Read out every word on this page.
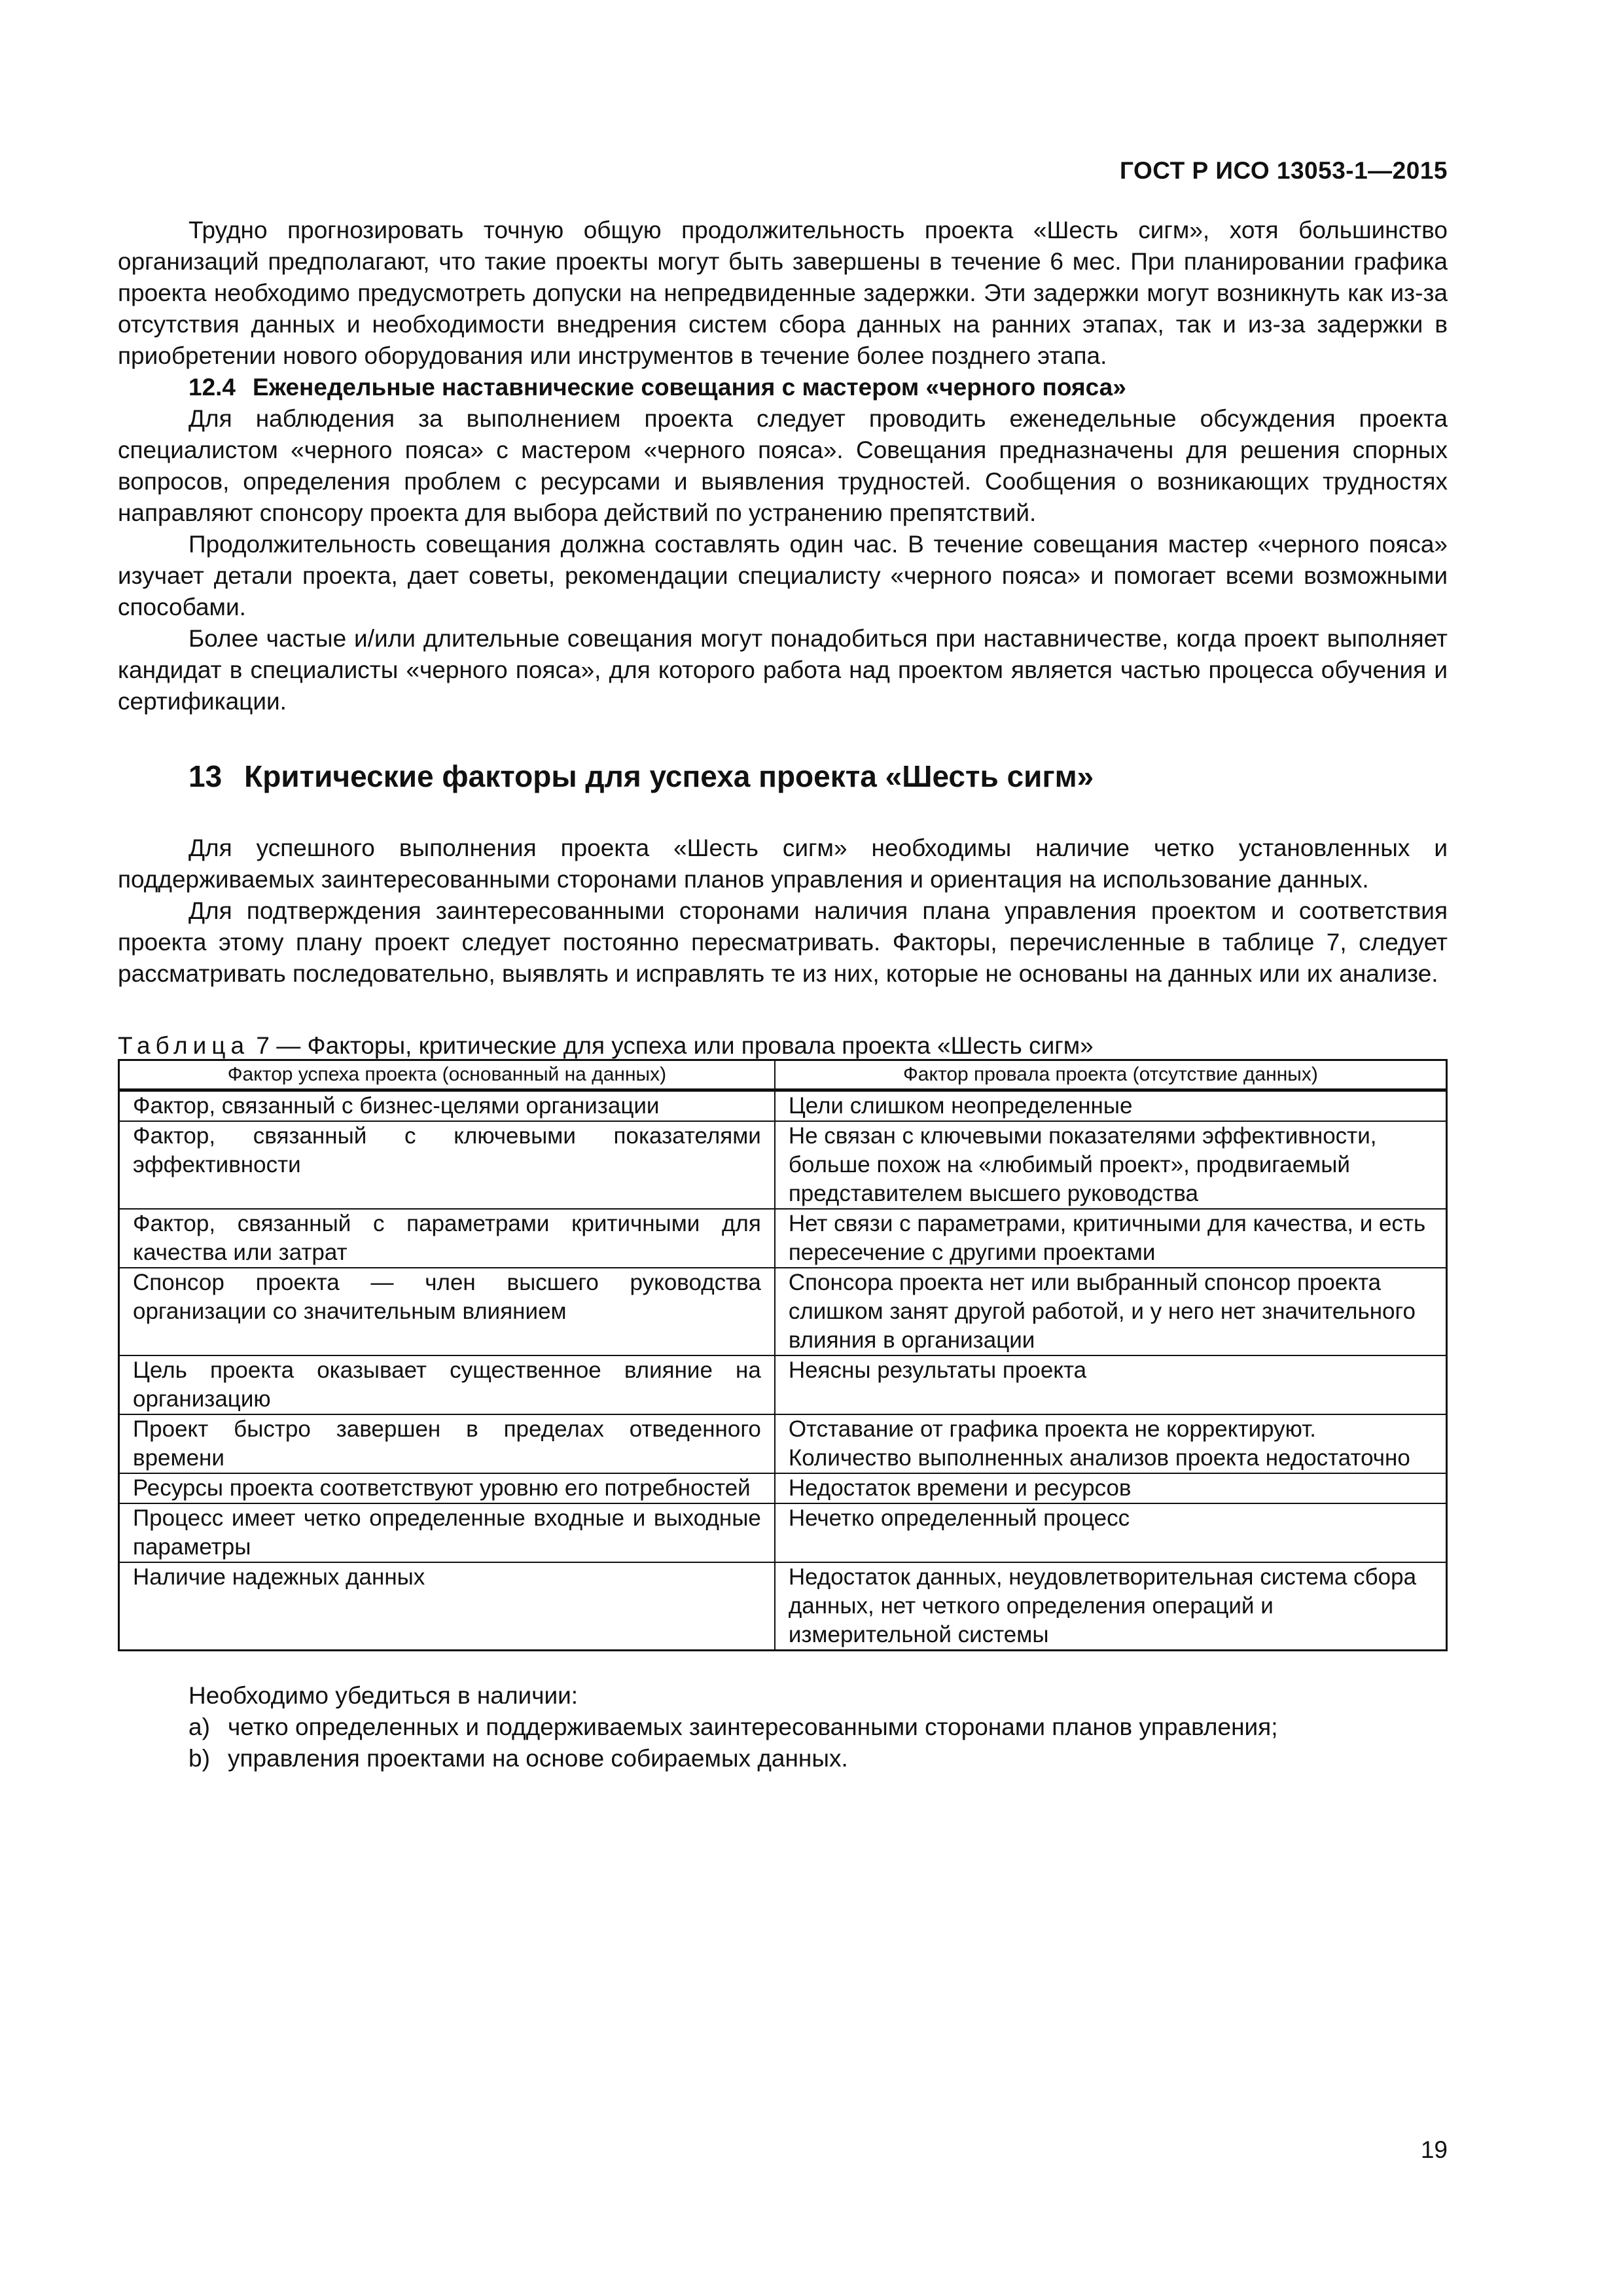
ГОСТ Р ИСО 13053-1—2015

Трудно прогнозировать точную общую продолжительность проекта «Шесть сигм», хотя большинство организаций предполагают, что такие проекты могут быть завершены в течение 6 мес. При планировании графика проекта необходимо предусмотреть допуски на непредвиденные задержки. Эти задержки могут возникнуть как из-за отсутствия данных и необходимости внедрения систем сбора данных на ранних этапах, так и из-за задержки в приобретении нового оборудования или инструментов в течение более позднего этапа.

12.4 Еженедельные наставнические совещания с мастером «черного пояса»

Для наблюдения за выполнением проекта следует проводить еженедельные обсуждения проекта специалистом «черного пояса» с мастером «черного пояса». Совещания предназначены для решения спорных вопросов, определения проблем с ресурсами и выявления трудностей. Сообщения о возникающих трудностях направляют спонсору проекта для выбора действий по устранению препятствий.

Продолжительность совещания должна составлять один час. В течение совещания мастер «черного пояса» изучает детали проекта, дает советы, рекомендации специалисту «черного пояса» и помогает всеми возможными способами.

Более частые и/или длительные совещания могут понадобиться при наставничестве, когда проект выполняет кандидат в специалисты «черного пояса», для которого работа над проектом является частью процесса обучения и сертификации.

13 Критические факторы для успеха проекта «Шесть сигм»

Для успешного выполнения проекта «Шесть сигм» необходимы наличие четко установленных и поддерживаемых заинтересованными сторонами планов управления и ориентация на использование данных.

Для подтверждения заинтересованными сторонами наличия плана управления проектом и соответствия проекта этому плану проект следует постоянно пересматривать. Факторы, перечисленные в таблице 7, следует рассматривать последовательно, выявлять и исправлять те из них, которые не основаны на данных или их анализе.

Таблица 7 — Факторы, критические для успеха или провала проекта «Шесть сигм»
Фактор успеха проекта (основанный на данных)	Фактор провала проекта (отсутствие данных)
Фактор, связанный с бизнес-целями организации	Цели слишком неопределенные
Фактор, связанный с ключевыми показателями эффективности	Не связан с ключевыми показателями эффективности, больше похож на «любимый проект», продвигаемый представителем высшего руководства
Фактор, связанный с параметрами критичными для качества или затрат	Нет связи с параметрами, критичными для качества, и есть пересечение с другими проектами
Спонсор проекта — член высшего руководства организации со значительным влиянием	Спонсора проекта нет или выбранный спонсор проекта слишком занят другой работой, и у него нет значительного влияния в организации
Цель проекта оказывает существенное влияние на организацию	Неясны результаты проекта
Проект быстро завершен в пределах отведенного времени	Отставание от графика проекта не корректируют. Количество выполненных анализов проекта недостаточно
Ресурсы проекта соответствуют уровню его потребностей	Недостаток времени и ресурсов
Процесс имеет четко определенные входные и выходные параметры	Нечетко определенный процесс
Наличие надежных данных	Недостаток данных, неудовлетворительная система сбора данных, нет четкого определения операций и измерительной системы

Необходимо убедиться в наличии:

a) четко определенных и поддерживаемых заинтересованными сторонами планов управления;
b) управления проектами на основе собираемых данных.
19
